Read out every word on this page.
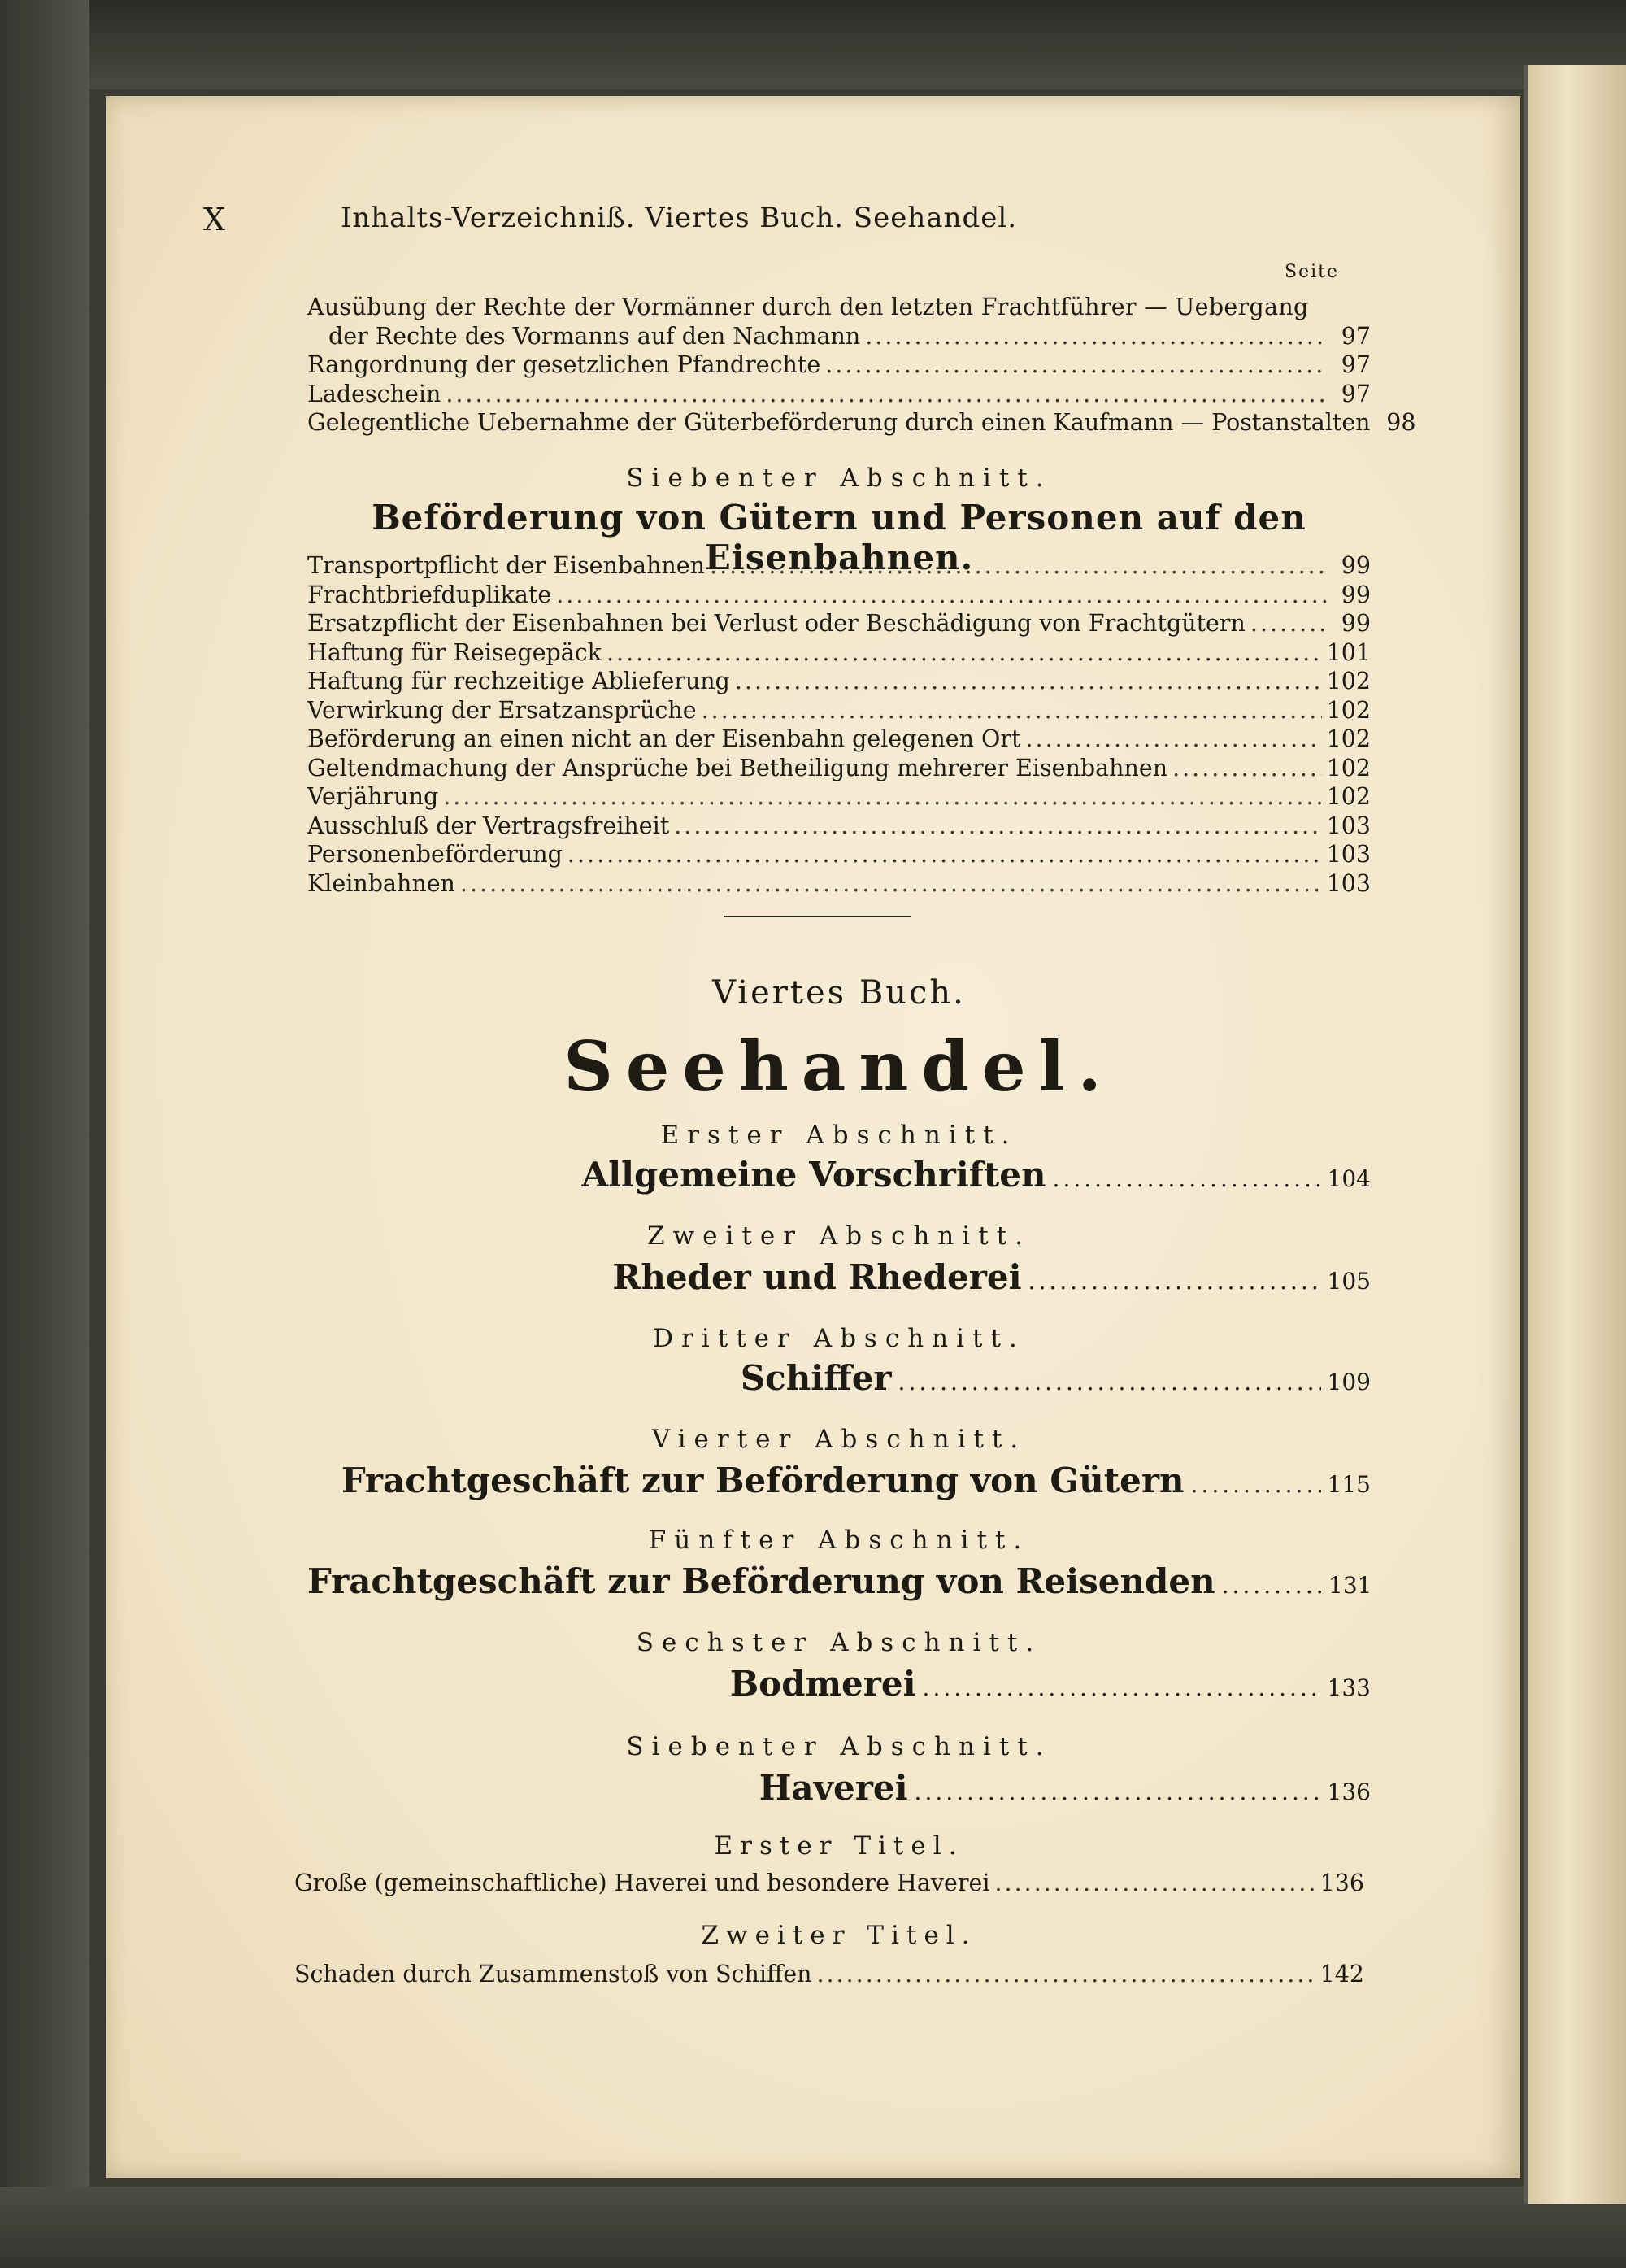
X	Inhalts-Verzeichniß. Viertes Buch. Seehandel.
Seite
Ausübung der Rechte der Vormänner durch den letzten Frachtführer — Uebergang
der Rechte des Vormanns auf den Nachmann .....	97
Rangordnung der gesetzlichen Pfandrechte .....	97
Ladeschein .....	97
Gelegentliche Uebernahme der Güterbeförderung durch einen Kaufmann — Postanstalten 98
Siebenter Abschnitt.
Beförderung von Gütern und Personen auf den Eisenbahnen.
Transportpflicht der Eisenbahnen .....	99
Frachtbriefduplikate .....	99
Ersatzpflicht der Eisenbahnen bei Verlust oder Beschädigung von Frachtgütern .....	99
Haftung für Reisegepäck .....	101
Haftung für rechzeitige Ablieferung .....	102
Verwirkung der Ersatzansprüche .....	102
Beförderung an einen nicht an der Eisenbahn gelegenen Ort .....	102
Geltendmachung der Ansprüche bei Betheiligung mehrerer Eisenbahnen .....	102
Verjährung .....	102
Ausschluß der Vertragsfreiheit .....	103
Personenbeförderung .....	103
Kleinbahnen .....	103
Viertes Buch.
Seehandel.
Erster Abschnitt.
Allgemeine Vorschriften .....	104
Zweiter Abschnitt.
Rheder und Rhederei .....	105
Dritter Abschnitt.
Schiffer .....	109
Vierter Abschnitt.
Frachtgeschäft zur Beförderung von Gütern .....	115
Fünfter Abschnitt.
Frachtgeschäft zur Beförderung von Reisenden .....	131
Sechster Abschnitt.
Bodmerei .....	133
Siebenter Abschnitt.
Haverei .....	136
Erster Titel.
Große (gemeinschaftliche) Haverei und besondere Haverei .....	136
Zweiter Titel.
Schaden durch Zusammenstoß von Schiffen .....	142
